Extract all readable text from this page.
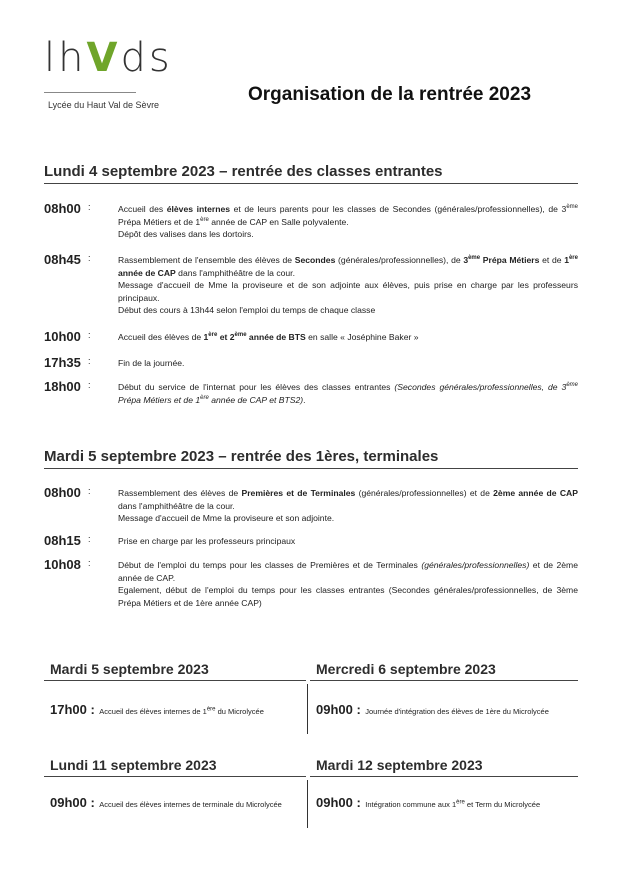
lhVds
Lycée du Haut Val de Sèvre	Organisation de la rentrée 2023
Lundi 4 septembre 2023 – rentrée des classes entrantes
08h00 :	Accueil des élèves internes et de leurs parents pour les classes de Secondes (générales/professionnelles), de 3ème Prépa Métiers et de 1ère année de CAP en Salle polyvalente.

Dépôt des valises dans les dortoirs.

08h45 :	Rassemblement de l'ensemble des élèves de Secondes (générales/professionnelles), de 3ème Prépa Métiers et de 1ère année de CAP dans l'amphithéâtre de la cour.

Message d'accueil de Mme la proviseure et de son adjointe aux élèves, puis prise en charge par les professeurs principaux.

Début des cours à 13h44 selon l'emploi du temps de chaque classe

10h00 :	Accueil des élèves de 1ère et 2ème année de BTS en salle « Joséphine Baker »

17h35 :	Fin de la journée.

18h00 :	Début du service de l'internat pour les élèves des classes entrantes (Secondes générales/professionnelles, de 3ème Prépa Métiers et de 1ère année de CAP et BTS2).

Mardi 5 septembre 2023 – rentrée des 1ères, terminales
08h00 :	Rassemblement des élèves de Premières et de Terminales (générales/professionnelles) et de 2ème année de CAP dans l'amphithéâtre de la cour.

Message d'accueil de Mme la proviseure et son adjointe.

08h15 :	Prise en charge par les professeurs principaux

10h08 :	Début de l'emploi du temps pour les classes de Premières et de Terminales (générales/professionnelles) et de 2ème année de CAP.

Egalement, début de l'emploi du temps pour les classes entrantes (Secondes générales/professionnelles, de 3ème Prépa Métiers et de 1ère année CAP)

Mardi 5 septembre 2023	Mercredi 6 septembre 2023
17h00 : Accueil des élèves internes de 1ère du Microlycée	09h00 : Journée d'intégration des élèves de 1ère du Microlycée
Lundi 11 septembre 2023	Mardi 12 septembre 2023
09h00 : Accueil des élèves internes de terminale du Microlycée	09h00 : Intégration commune aux 1ère et Term du Microlycée
